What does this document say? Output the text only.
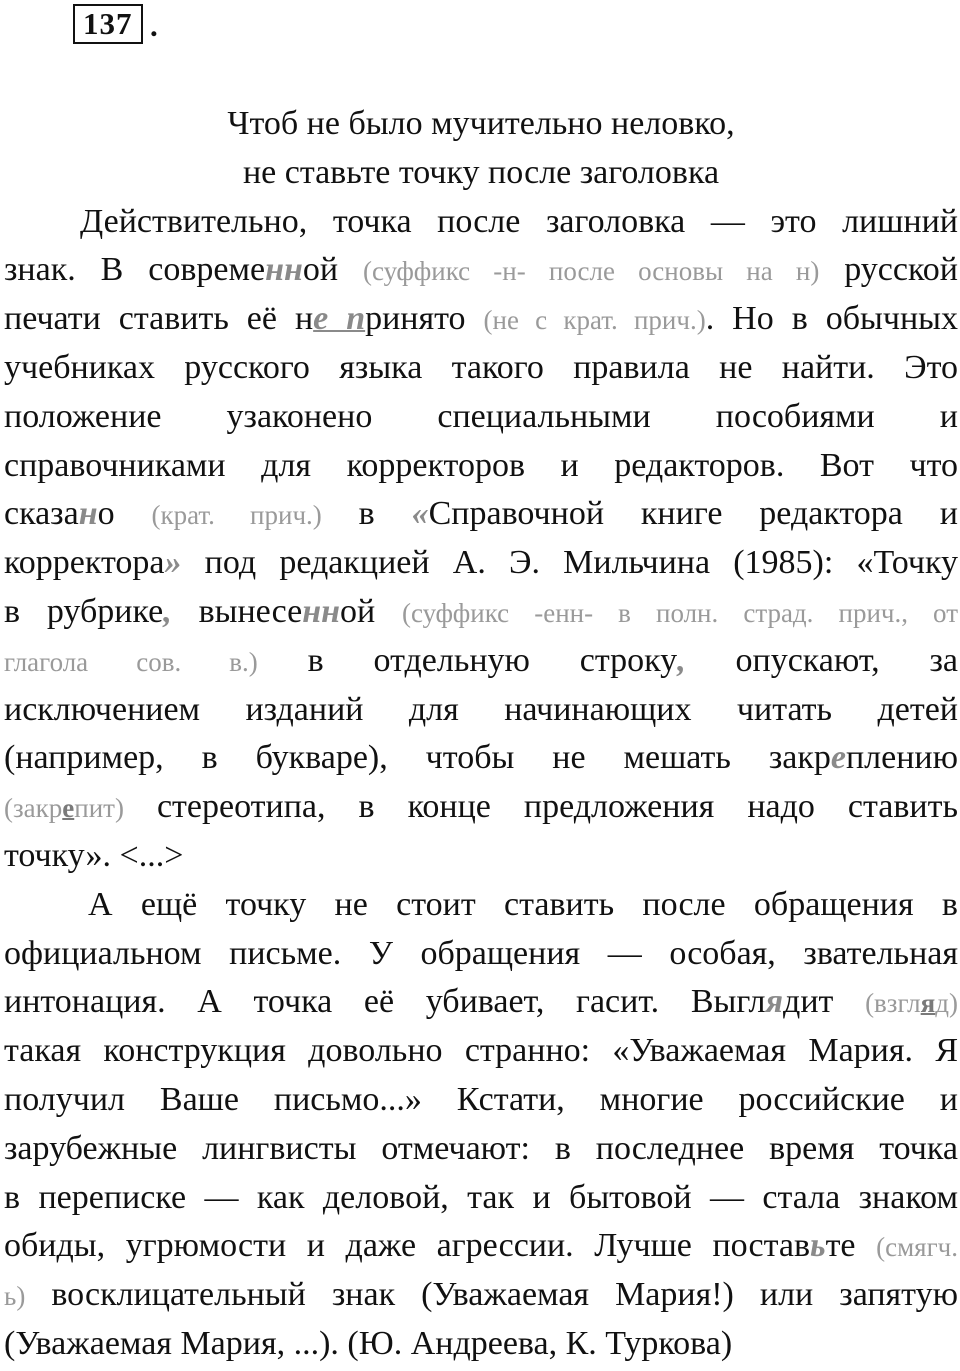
137 .
Чтоб не было мучительно неловко,
не ставьте точку после заголовка
Действительно, точка после заголовка — это лишний
знак. В современной (суффикс -н- после основы на н) русской
печати ставить её не принято (не с крат. прич.). Но в обычных
учебниках русского языка такого правила не найти. Это
положение узаконено специальными пособиями и
справочниками для корректоров и редакторов. Вот что
сказано (крат. прич.) в «Справочной книге редактора и
корректора» под редакцией А. Э. Мильчина (1985): «Точку
в рубрике, вынесенной (суффикс -енн- в полн. страд. прич., от
глагола сов. в.) в отдельную строку, опускают, за
исключением изданий для начинающих читать детей
(например, в букваре), чтобы не мешать закреплению
(закрепит) стереотипа, в конце предложения надо ставить
точку». <...>
А ещё точку не стоит ставить после обращения в
официальном письме. У обращения — особая, звательная
интонация. А точка её убивает, гасит. Выглядит (взгляд)
такая конструкция довольно странно: «Уважаемая Мария. Я
получил Ваше письмо...» Кстати, многие российские и
зарубежные лингвисты отмечают: в последнее время точка
в переписке — как деловой, так и бытовой — стала знаком
обиды, угрюмости и даже агрессии. Лучше поставьте (смягч.
ь) восклицательный знак (Уважаемая Мария!) или запятую
(Уважаемая Мария, ...). (Ю. Андреева, К. Туркова)
